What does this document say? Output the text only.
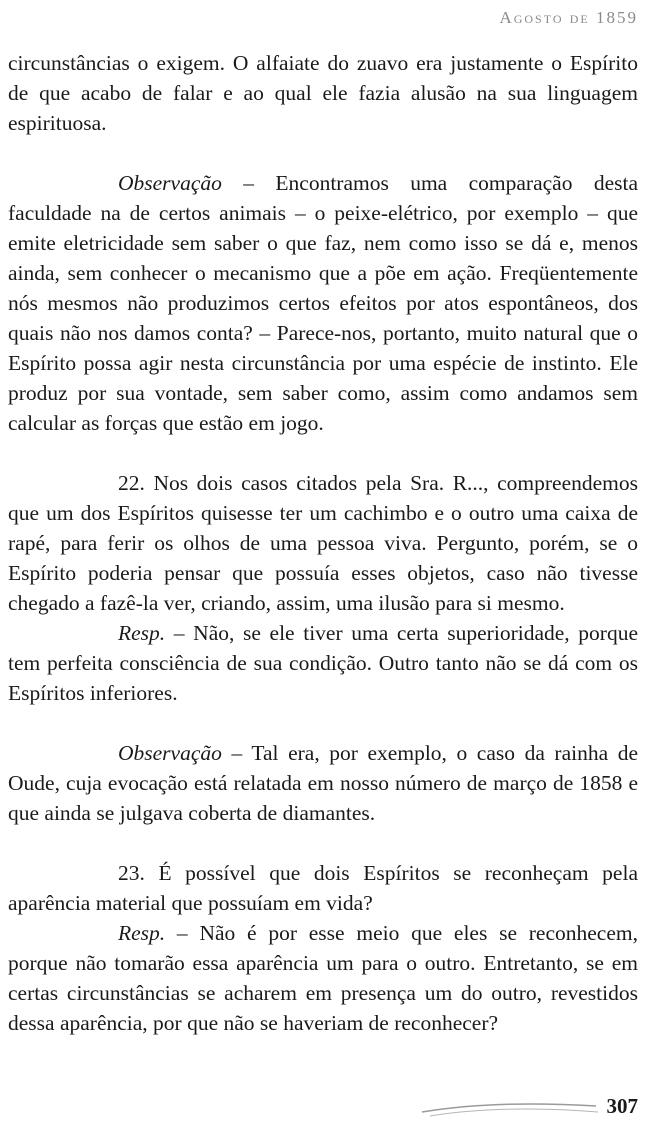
Agosto de 1859

circunstâncias o exigem. O alfaiate do zuavo era justamente o Espírito de que acabo de falar e ao qual ele fazia alusão na sua linguagem espirituosa.

Observação – Encontramos uma comparação desta faculdade na de certos animais – o peixe-elétrico, por exemplo – que emite eletricidade sem saber o que faz, nem como isso se dá e, menos ainda, sem conhecer o mecanismo que a põe em ação. Freqüentemente nós mesmos não produzimos certos efeitos por atos espontâneos, dos quais não nos damos conta? – Parece-nos, portanto, muito natural que o Espírito possa agir nesta circunstância por uma espécie de instinto. Ele produz por sua vontade, sem saber como, assim como andamos sem calcular as forças que estão em jogo.

22. Nos dois casos citados pela Sra. R..., compreendemos que um dos Espíritos quisesse ter um cachimbo e o outro uma caixa de rapé, para ferir os olhos de uma pessoa viva. Pergunto, porém, se o Espírito poderia pensar que possuía esses objetos, caso não tivesse chegado a fazê-la ver, criando, assim, uma ilusão para si mesmo.

Resp. – Não, se ele tiver uma certa superioridade, porque tem perfeita consciência de sua condição. Outro tanto não se dá com os Espíritos inferiores.

Observação – Tal era, por exemplo, o caso da rainha de Oude, cuja evocação está relatada em nosso número de março de 1858 e que ainda se julgava coberta de diamantes.

23. É possível que dois Espíritos se reconheçam pela aparência material que possuíam em vida?

Resp. – Não é por esse meio que eles se reconhecem, porque não tomarão essa aparência um para o outro. Entretanto, se em certas circunstâncias se acharem em presença um do outro, revestidos dessa aparência, por que não se haveriam de reconhecer?

307
